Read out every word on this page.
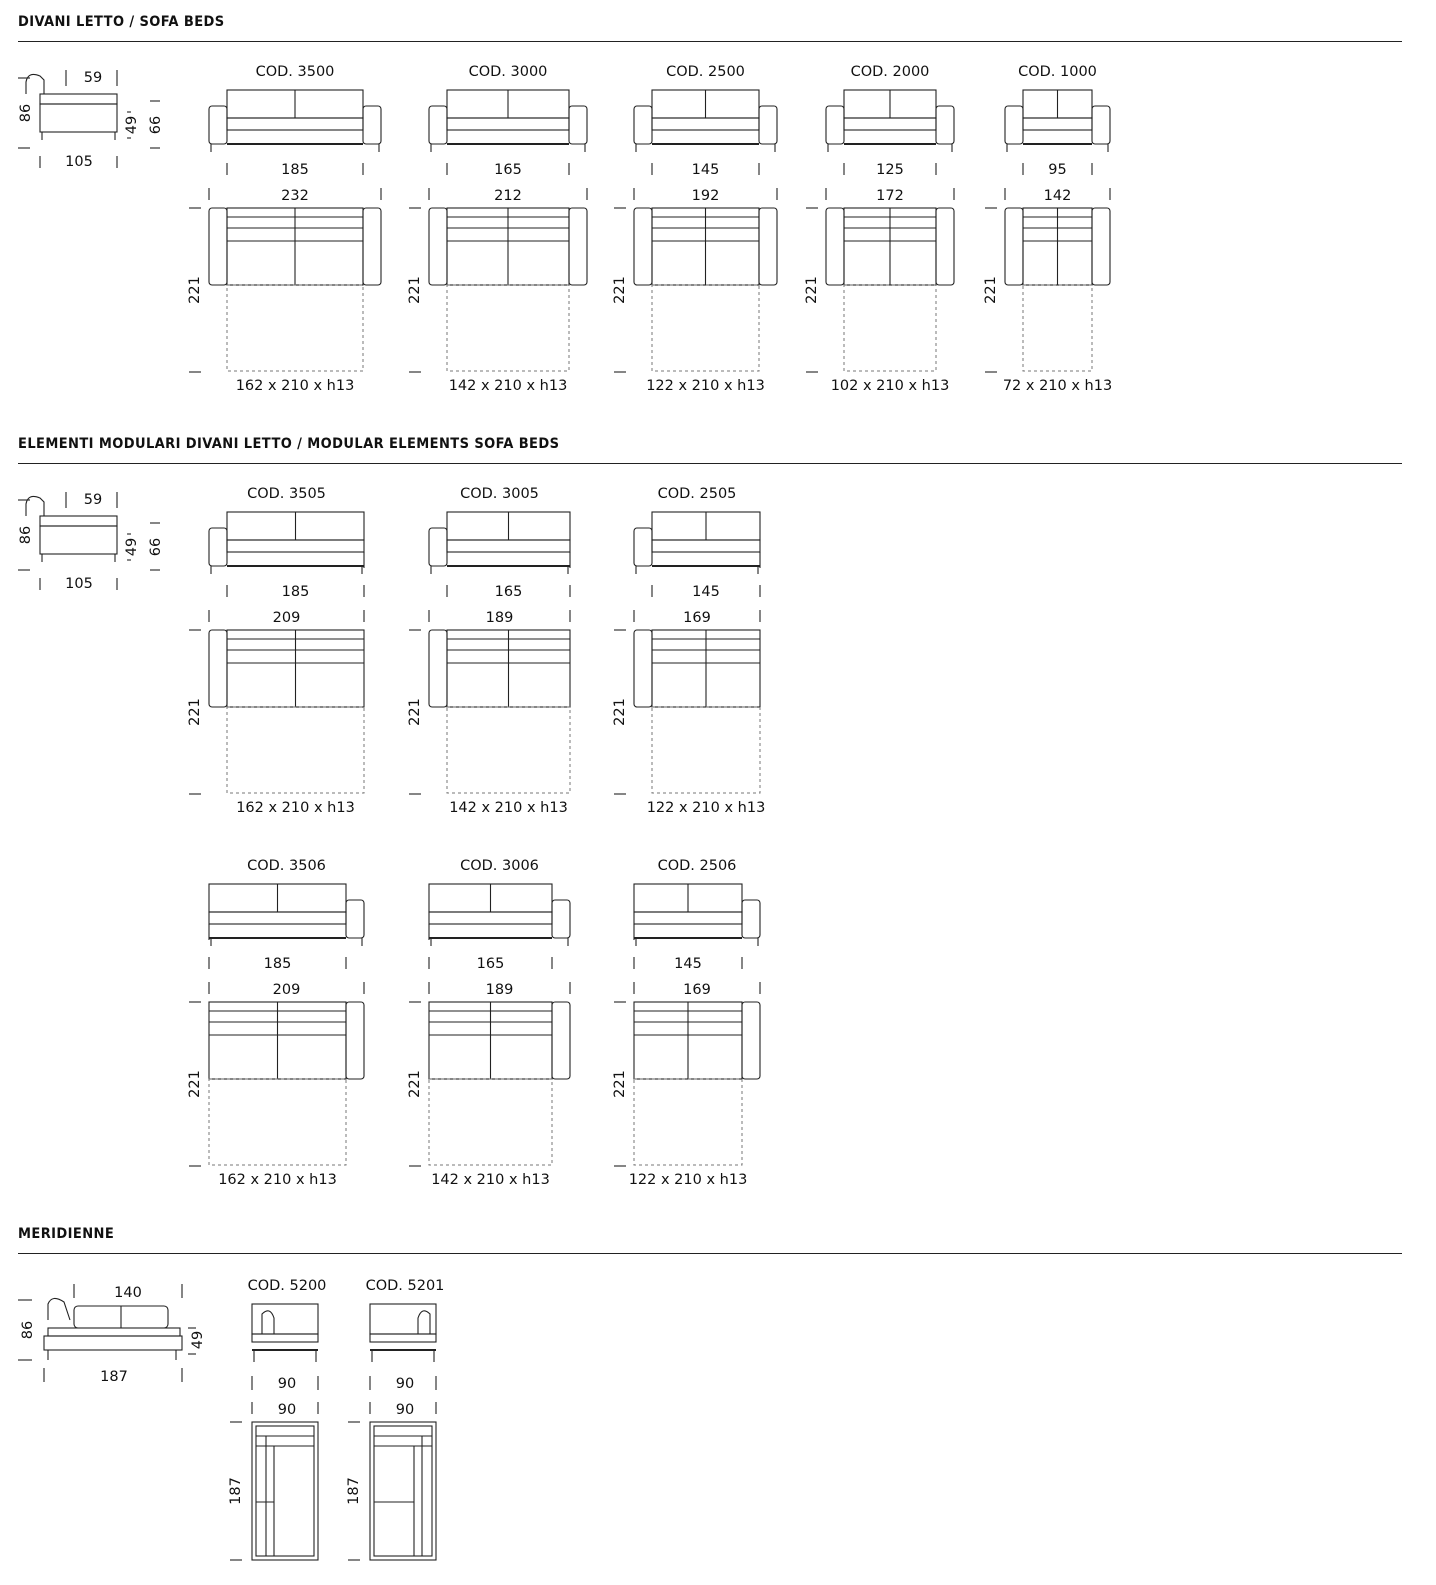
DIVANI LETTO / SOFA BEDS
ELEMENTI MODULARI DIVANI LETTO / MODULAR ELEMENTS SOFA BEDS
MERIDIENNE
59
86
49 66
105
COD. 3500
185
232
221
162 x 210 x h13
COD. 3000
165
212
221
142 x 210 x h13
COD. 2500
145
192
221
122 x 210 x h13
COD. 2000
125
172
221
102 x 210 x h13
COD. 1000
95
142
221
72 x 210 x h13
59
86
49 66
105
COD. 3505
185
209
221
162 x 210 x h13
COD. 3005
165
189
221
142 x 210 x h13
COD. 2505
145
169
221
122 x 210 x h13
COD. 3506
185
209
221
162 x 210 x h13
COD. 3006
165
189
221
142 x 210 x h13
COD. 2506
145
169
221
122 x 210 x h13
140
86
49
187
COD. 5200
90
90
187
COD. 5201
90
90
187
